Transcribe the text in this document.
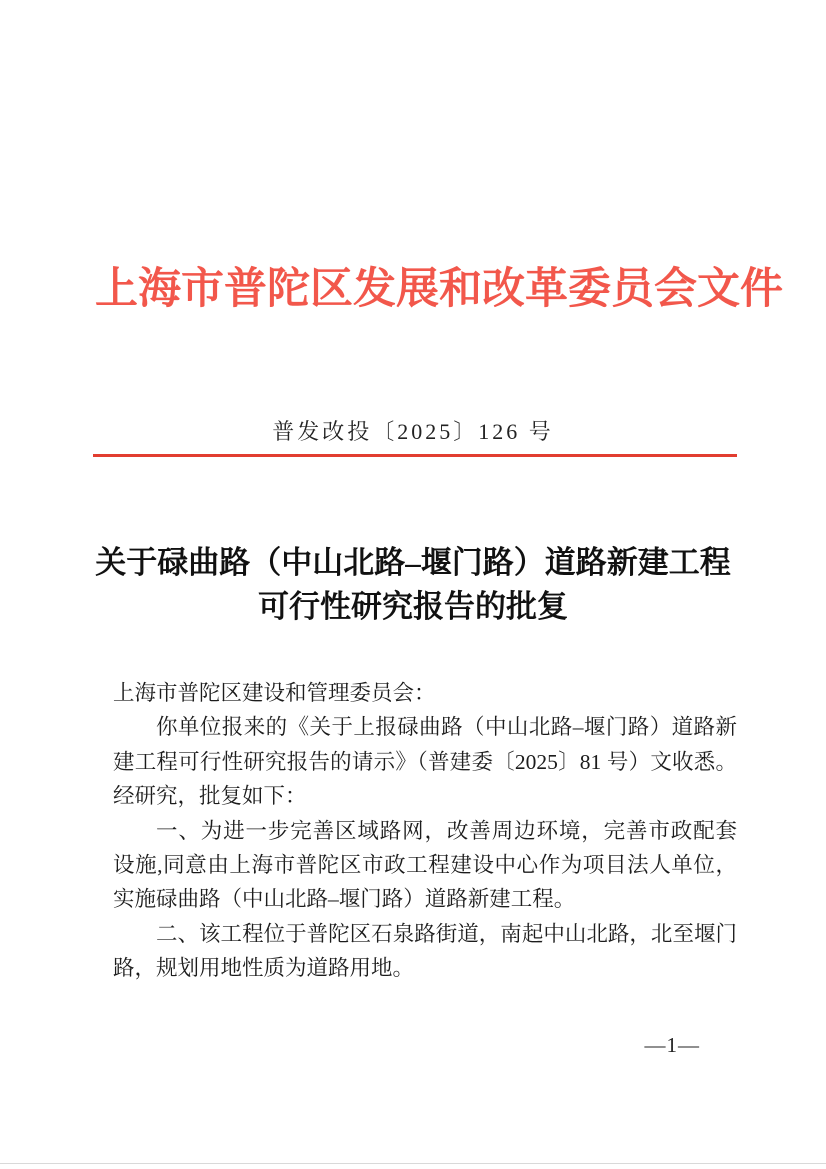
上海市普陀区发展和改革委员会文件
普发改投〔2025〕126 号
关于碌曲路（中山北路–堰门路）道路新建工程
可行性研究报告的批复
上海市普陀区建设和管理委员会：
你单位报来的《关于上报碌曲路（中山北路–堰门路）道路新
建工程可行性研究报告的请示》（普建委〔2025〕81 号）文收悉。
经研究，批复如下：
一、为进一步完善区域路网，改善周边环境，完善市政配套
设施,同意由上海市普陀区市政工程建设中心作为项目法人单位，
实施碌曲路（中山北路–堰门路）道路新建工程。
二、该工程位于普陀区石泉路街道，南起中山北路，北至堰门
路，规划用地性质为道路用地。
—1—
